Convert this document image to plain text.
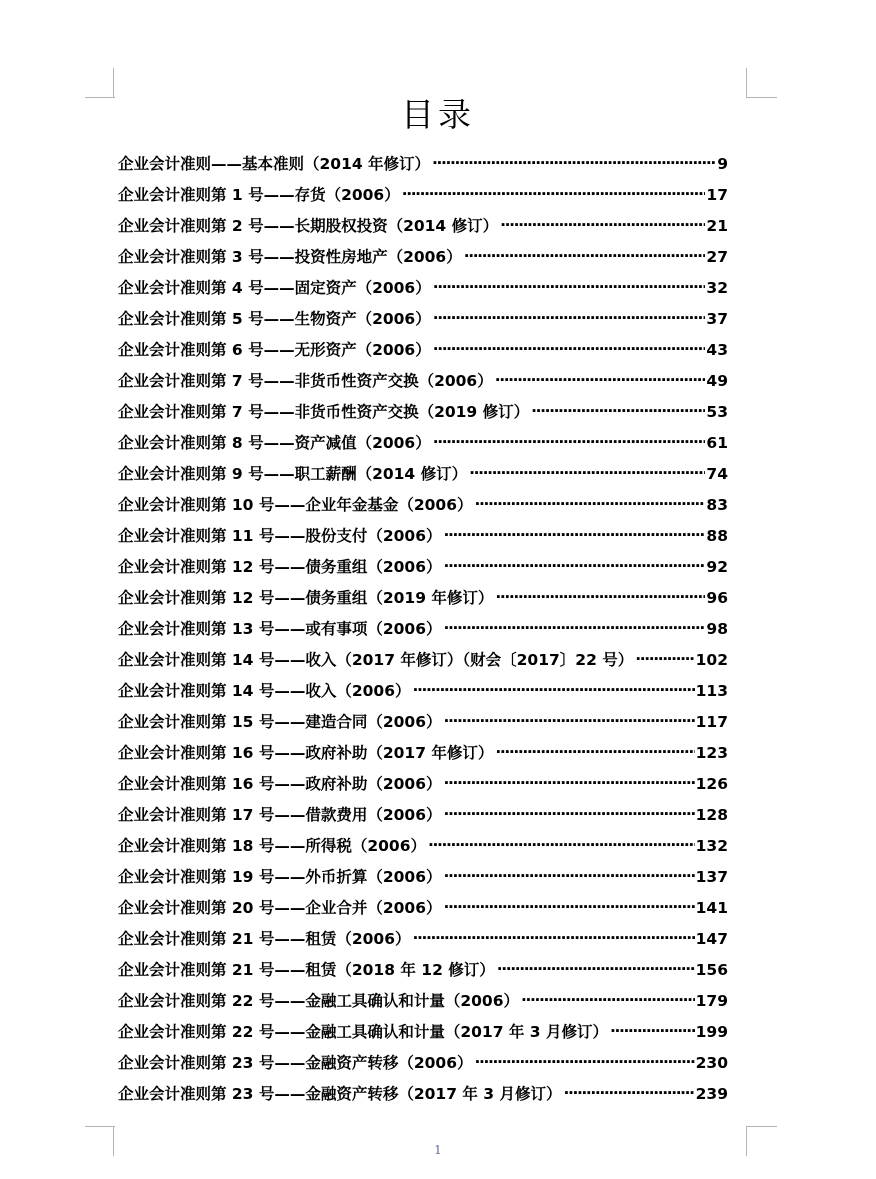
目录
企业会计准则——基本准则（2014 年修订） ·····	9
企业会计准则第 1 号——存货（2006） ·····	17
企业会计准则第 2 号——长期股权投资（2014 修订） ·····	21
企业会计准则第 3 号——投资性房地产（2006） ·····	27
企业会计准则第 4 号——固定资产（2006） ·····	32
企业会计准则第 5 号——生物资产（2006） ·····	37
企业会计准则第 6 号——无形资产（2006） ·····	43
企业会计准则第 7 号——非货币性资产交换（2006） ·····	49
企业会计准则第 7 号——非货币性资产交换（2019 修订） ·····	53
企业会计准则第 8 号——资产减值（2006） ·····	61
企业会计准则第 9 号——职工薪酬（2014 修订） ·····	74
企业会计准则第 10 号——企业年金基金（2006） ·····	83
企业会计准则第 11 号——股份支付（2006） ·····	88
企业会计准则第 12 号——债务重组（2006） ·····	92
企业会计准则第 12 号——债务重组（2019 年修订） ·····	96
企业会计准则第 13 号——或有事项（2006） ·····	98
企业会计准则第 14 号——收入（2017 年修订）（财会〔2017〕22 号） ·····	102
企业会计准则第 14 号——收入（2006） ·····	113
企业会计准则第 15 号——建造合同（2006） ·····	117
企业会计准则第 16 号——政府补助（2017 年修订） ·····	123
企业会计准则第 16 号——政府补助（2006） ·····	126
企业会计准则第 17 号——借款费用（2006） ·····	128
企业会计准则第 18 号——所得税（2006） ·····	132
企业会计准则第 19 号——外币折算（2006） ·····	137
企业会计准则第 20 号——企业合并（2006） ·····	141
企业会计准则第 21 号——租赁（2006） ·····	147
企业会计准则第 21 号——租赁（2018 年 12 修订） ·····	156
企业会计准则第 22 号——金融工具确认和计量（2006） ·····	179
企业会计准则第 22 号——金融工具确认和计量（2017 年 3 月修订） ·····	199
企业会计准则第 23 号——金融资产转移（2006） ·····	230
企业会计准则第 23 号——金融资产转移（2017 年 3 月修订） ·····	239
1
